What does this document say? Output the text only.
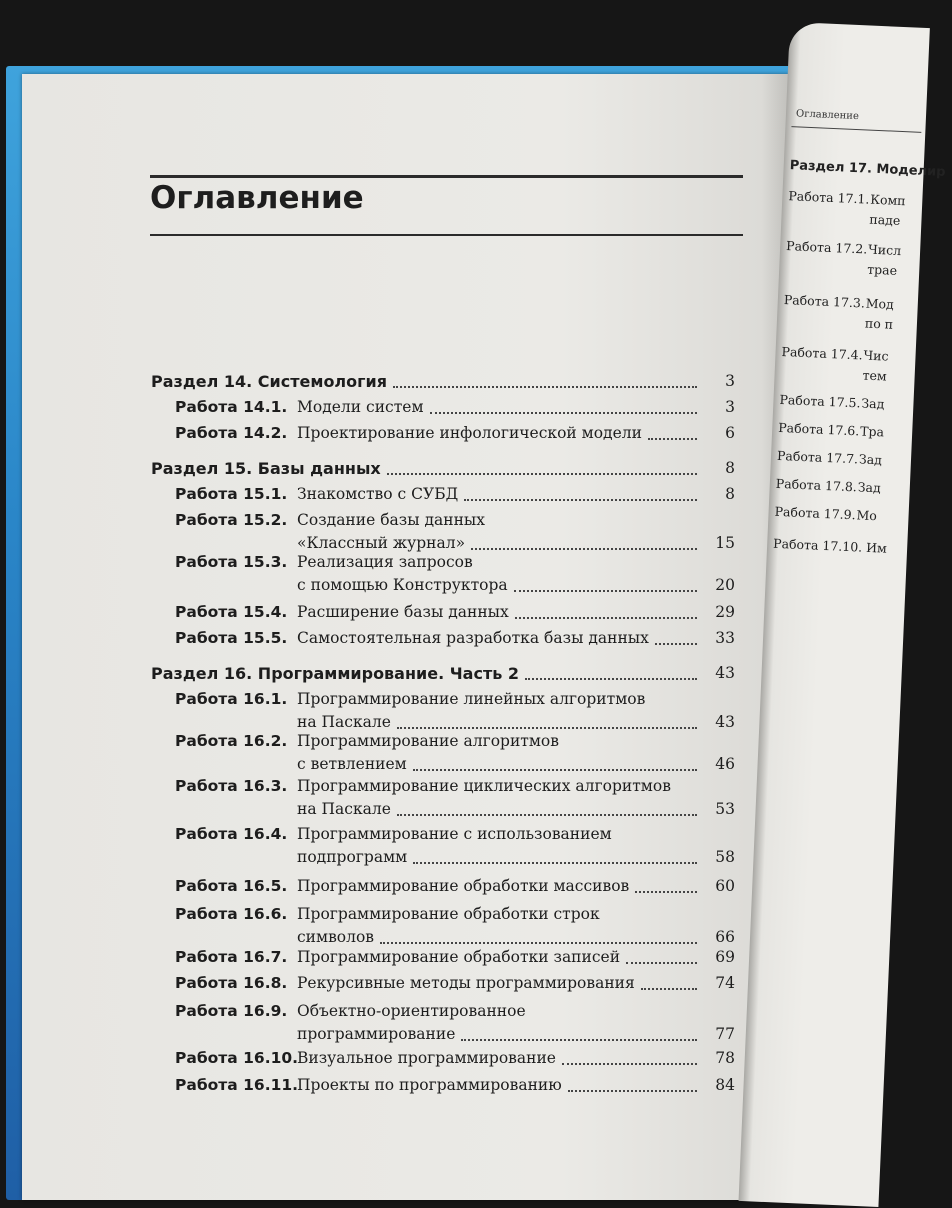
Оглавление
Раздел 14. Системология	3
Работа 14.1. Модели систем	3
Работа 14.2. Проектирование инфологической модели	6
Раздел 15. Базы данных	8
Работа 15.1. Знакомство с СУБД	8
Работа 15.2. Создание базы данных
«Классный журнал»	15
Работа 15.3. Реализация запросов
с помощью Конструктора	20
Работа 15.4. Расширение базы данных	29
Работа 15.5. Самостоятельная разработка базы данных	33
Раздел 16. Программирование. Часть 2	43
Работа 16.1. Программирование линейных алгоритмов
на Паскале	43
Работа 16.2. Программирование алгоритмов
с ветвлением	46
Работа 16.3. Программирование циклических алгоритмов
на Паскале	53
Работа 16.4. Программирование с использованием
подпрограмм	58
Работа 16.5. Программирование обработки массивов	60
Работа 16.6. Программирование обработки строк
символов	66
Работа 16.7. Программирование обработки записей	69
Работа 16.8. Рекурсивные методы программирования	74
Работа 16.9. Объектно-ориентированное
программирование	77
Работа 16.10.
Визуальное программирование	78
Работа 16.11.
Проекты по программированию	84
Оглавление
Раздел 17. Моделир
Работа 17.1. Комп
паде
Работа 17.2. Числ
трае
Работа 17.3. Мод
по п
Работа 17.4. Чис
тем
Работа 17.5. Зад
Работа 17.6. Тра
Работа 17.7. Зад
Работа 17.8. Зад
Работа 17.9. Мо
Работа 17.10. Им
